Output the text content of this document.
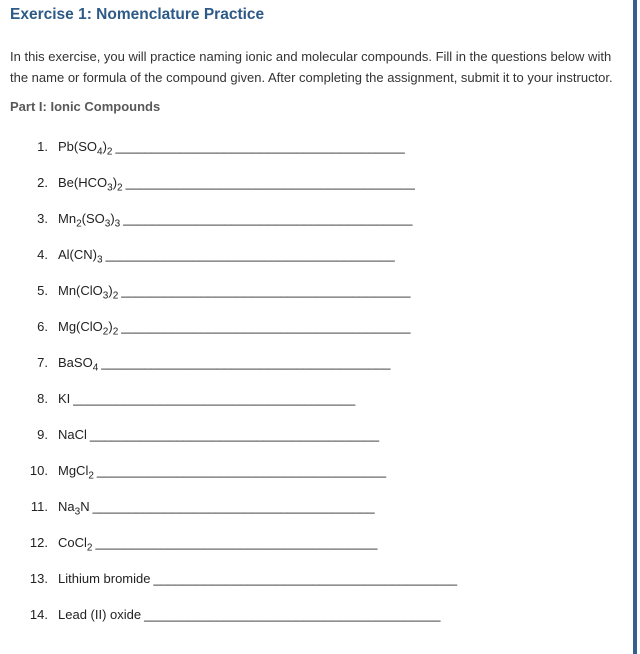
Exercise 1: Nomenclature Practice

In this exercise, you will practice naming ionic and molecular compounds. Fill in the questions below with the name or formula of the compound given. After completing the assignment, submit it to your instructor.

Part I: Ionic Compounds
1. $Pb(SO_4)_2$ ________________________________________
2. $Be(HCO_3)_2$ ________________________________________
3. $Mn_2(SO_3)_3$ ________________________________________
4. $Al(CN)_3$ ________________________________________
5. $Mn(ClO_3)_2$ ________________________________________
6. $Mg(ClO_2)_2$ ________________________________________
7. BaSO$_4$ ________________________________________
8. KI _______________________________________
9. NaCl ________________________________________
10. MgCl$_2$ ________________________________________
11. $Na_3N$ _______________________________________
12. CoCl$_2$ _______________________________________
13. Lithium bromide __________________________________________
14. Lead (II) oxide _________________________________________
